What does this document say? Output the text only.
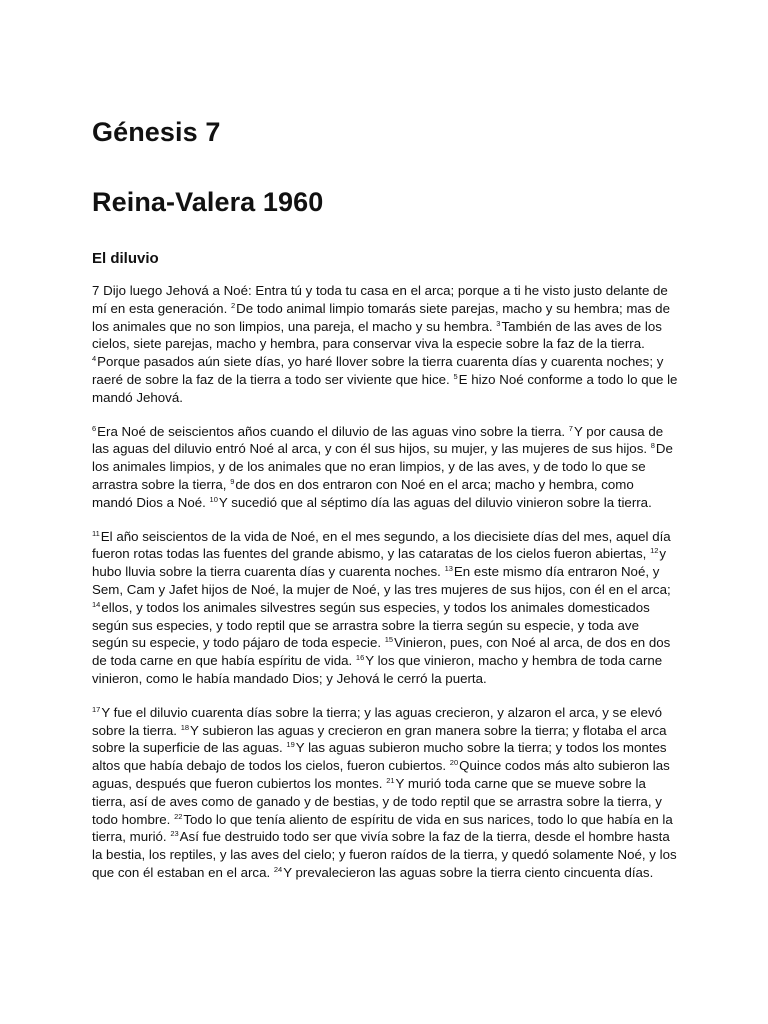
Génesis 7
Reina-Valera 1960
El diluvio

7 Dijo luego Jehová a Noé: Entra tú y toda tu casa en el arca; porque a ti he visto justo delante de mí en esta generación. $^2$De todo animal limpio tomarás siete parejas, macho y su hembra; mas de los animales que no son limpios, una pareja, el macho y su hembra. $^3$También de las aves de los cielos, siete parejas, macho y hembra, para conservar viva la especie sobre la faz de la tierra. $^4$Porque pasados aún siete días, yo haré llover sobre la tierra cuarenta días y cuarenta noches; y raeré de sobre la faz de la tierra a todo ser viviente que hice. $^5$E hizo Noé conforme a todo lo que le mandó Jehová.

$^6$Era Noé de seiscientos años cuando el diluvio de las aguas vino sobre la tierra. $^7$Y por causa de las aguas del diluvio entró Noé al arca, y con él sus hijos, su mujer, y las mujeres de sus hijos. $^8$De los animales limpios, y de los animales que no eran limpios, y de las aves, y de todo lo que se arrastra sobre la tierra, $^9$de dos en dos entraron con Noé en el arca; macho y hembra, como mandó Dios a Noé. $^{10}$Y sucedió que al séptimo día las aguas del diluvio vinieron sobre la tierra.

$^{11}$El año seiscientos de la vida de Noé, en el mes segundo, a los diecisiete días del mes, aquel día fueron rotas todas las fuentes del grande abismo, y las cataratas de los cielos fueron abiertas, $^{12}$y hubo lluvia sobre la tierra cuarenta días y cuarenta noches. $^{13}$En este mismo día entraron Noé, y Sem, Cam y Jafet hijos de Noé, la mujer de Noé, y las tres mujeres de sus hijos, con él en el arca; $^{14}$ellos, y todos los animales silvestres según sus especies, y todos los animales domesticados según sus especies, y todo reptil que se arrastra sobre la tierra según su especie, y toda ave según su especie, y todo pájaro de toda especie. $^{15}$Vinieron, pues, con Noé al arca, de dos en dos de toda carne en que había espíritu de vida. $^{16}$Y los que vinieron, macho y hembra de toda carne vinieron, como le había mandado Dios; y Jehová le cerró la puerta.

$^{17}$Y fue el diluvio cuarenta días sobre la tierra; y las aguas crecieron, y alzaron el arca, y se elevó sobre la tierra. $^{18}$Y subieron las aguas y crecieron en gran manera sobre la tierra; y flotaba el arca sobre la superficie de las aguas. $^{19}$Y las aguas subieron mucho sobre la tierra; y todos los montes altos que había debajo de todos los cielos, fueron cubiertos. $^{20}$Quince codos más alto subieron las aguas, después que fueron cubiertos los montes. $^{21}$Y murió toda carne que se mueve sobre la tierra, así de aves como de ganado y de bestias, y de todo reptil que se arrastra sobre la tierra, y todo hombre. $^{22}$Todo lo que tenía aliento de espíritu de vida en sus narices, todo lo que había en la tierra, murió. $^{23}$Así fue destruido todo ser que vivía sobre la faz de la tierra, desde el hombre hasta la bestia, los reptiles, y las aves del cielo; y fueron raídos de la tierra, y quedó solamente Noé, y los que con él estaban en el arca. $^{24}$Y prevalecieron las aguas sobre la tierra ciento cincuenta días.
